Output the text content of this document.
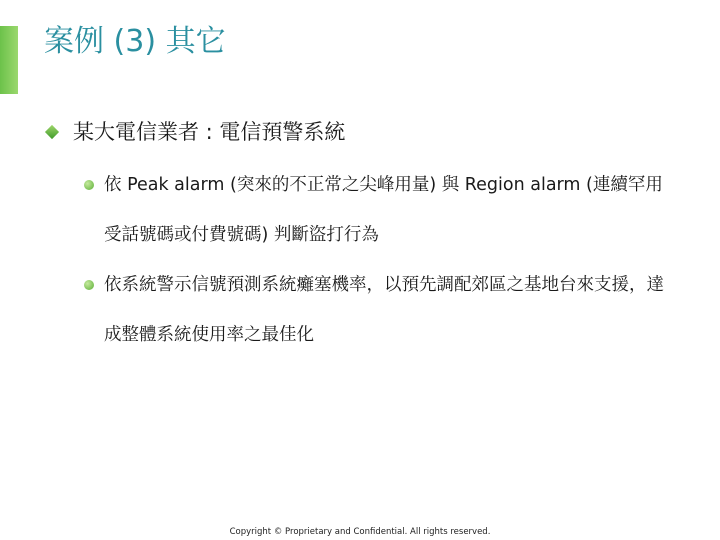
案例 (3) 其它
某大電信業者 : 電信預警系統
依 Peak alarm (突來的不正常之尖峰用量) 與 Region alarm (連續罕用受話號碼或付費號碼) 判斷盜打行為
依系統警示信號預測系統癱塞機率，以預先調配郊區之基地台來支援，達成整體系統使用率之最佳化
Copyright © Proprietary and Confidential. All rights reserved.
